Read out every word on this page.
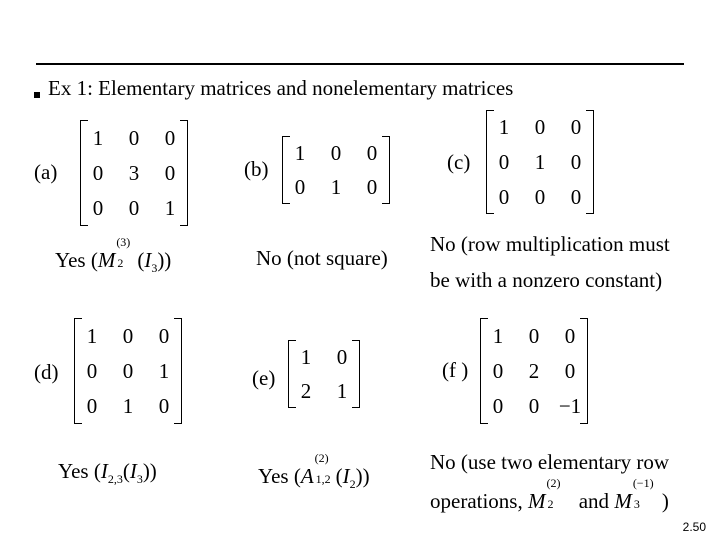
Ex 1: Elementary matrices and nonelementary matrices
(a)
1	0	0
0	3	0
0	0	1
(b)
1	0	0
0	1	0
(c)
1	0	0
0	1	0
0	0	0
(d)
1	0	0
0	0	1
0	1	0
(e)
1	0
2	1
(f )
1	0	0
0	2	0
0	0 −1
Yes (M
(3)
2 $(I_3)$)	No (not square)
No (row multiplication must
be with a nonzero constant)
Yes $(I_{2,3}(I_3))$	Yes (A
(2)
1,2 $(I_2)$)
No (use two elementary row
operations, M
(2)
2 and M
(−1)
3 )
2.50
